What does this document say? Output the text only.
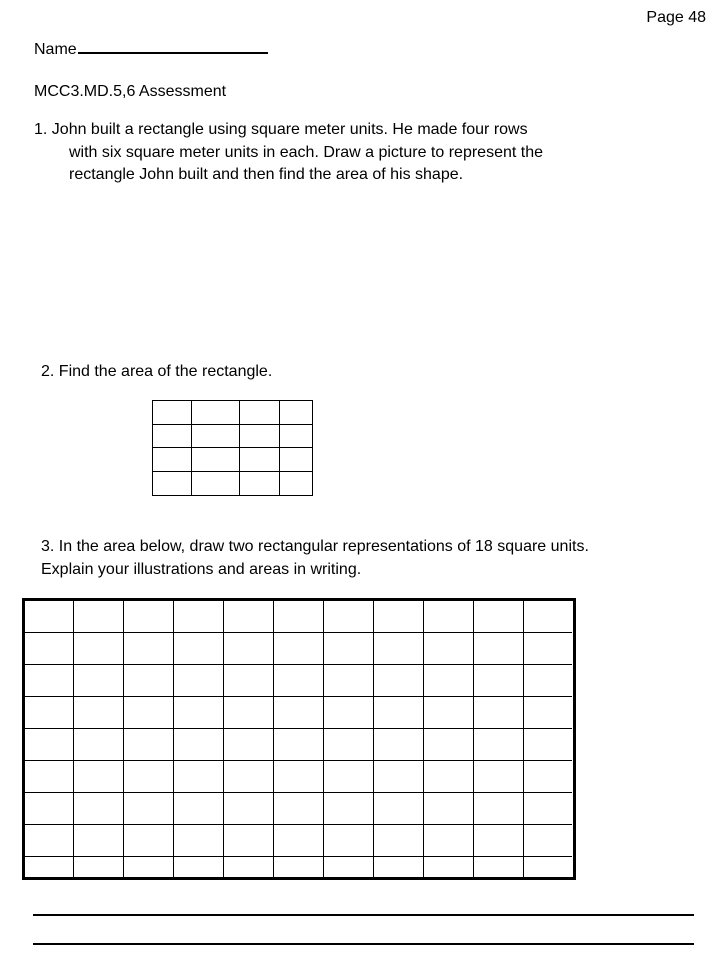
Page 48
Name
MCC3.MD.5,6 Assessment
1. John built a rectangle using square meter units. He made four rows
with six square meter units in each. Draw a picture to represent the
rectangle John built and then find the area of his shape.
2. Find the area of the rectangle.
3. In the area below, draw two rectangular representations of 18 square units.
Explain your illustrations and areas in writing.
